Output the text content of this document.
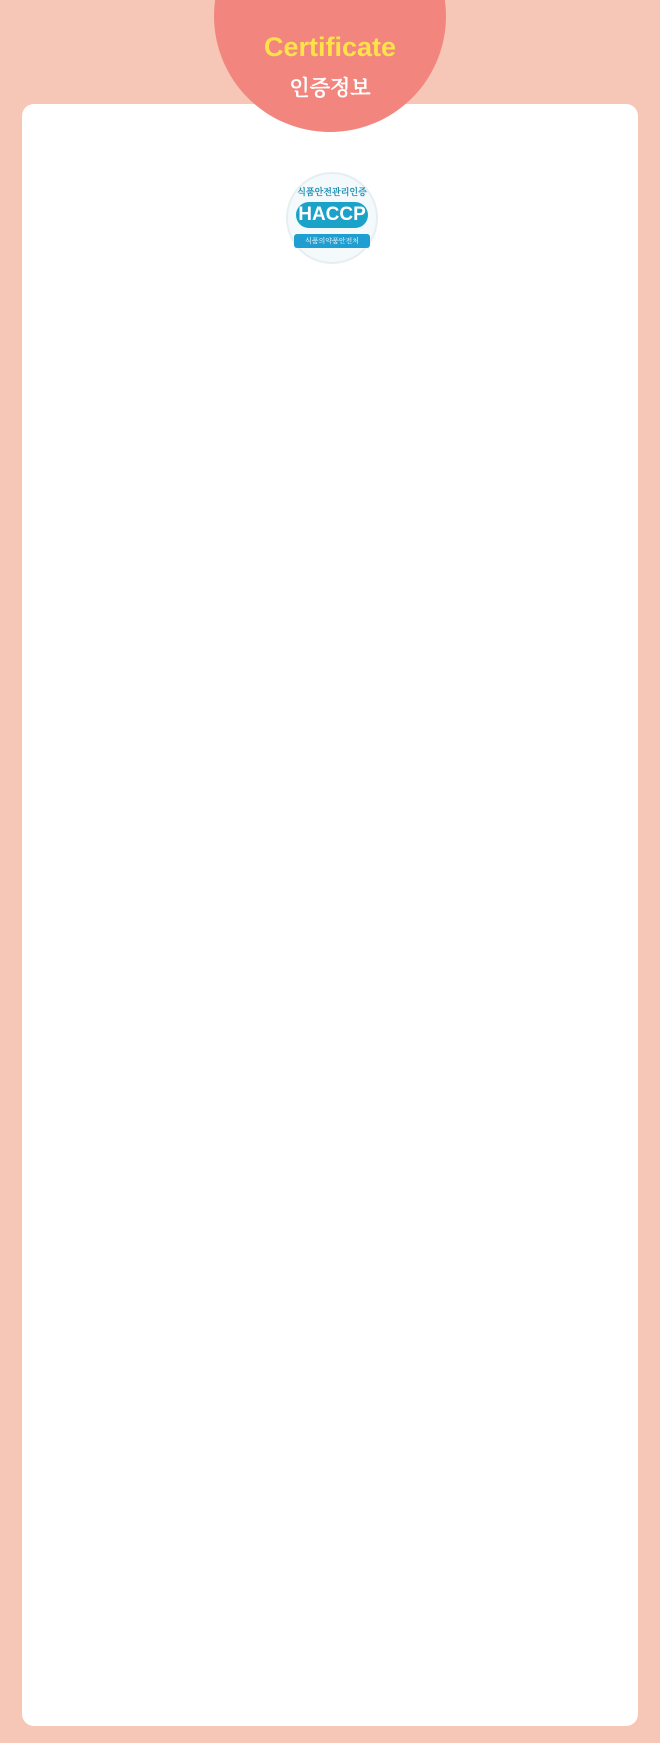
Certificate
인증정보
식품안전관리인증
HACCP
식품의약품안전처
